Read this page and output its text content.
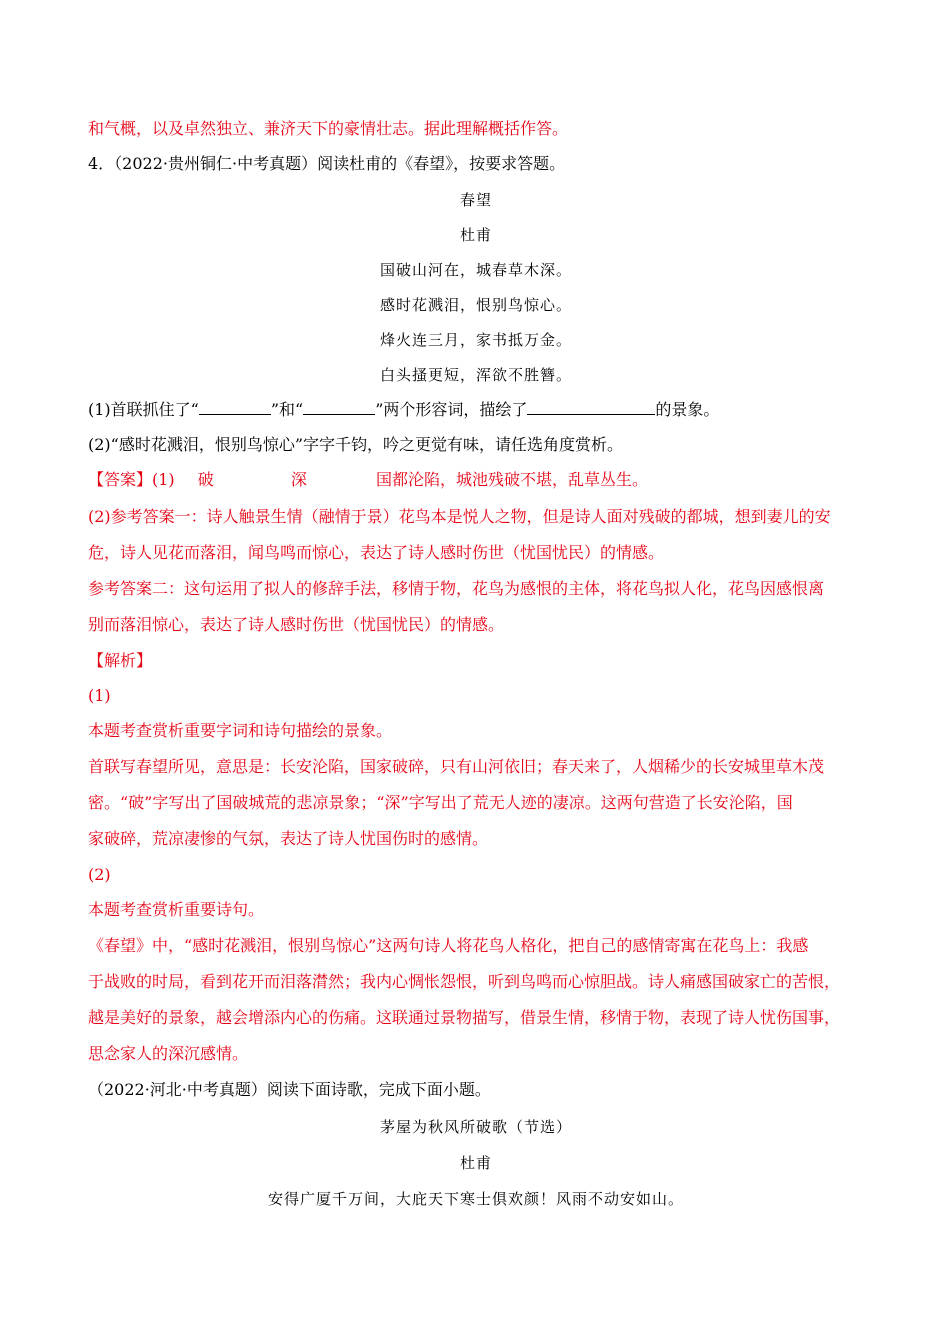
和气概，以及卓然独立、兼济天下的豪情壮志。据此理解概括作答。
4．（2022·贵州铜仁·中考真题）阅读杜甫的《春望》，按要求答题。
春望
杜甫
国破山河在，城春草木深。
感时花溅泪，恨别鸟惊心。
烽火连三月，家书抵万金。
白头搔更短，浑欲不胜簪。
(1)首联抓住了“	”和“	”两个形容词，描绘了	的景象。
(2)“感时花溅泪，恨别鸟惊心”字字千钧，吟之更觉有味，请任选角度赏析。
【答案】(1) 破	深	国都沦陷，城池残破不堪，乱草丛生。
(2)参考答案一：诗人触景生情（融情于景）花鸟本是悦人之物，但是诗人面对残破的都城，想到妻儿的安
危，诗人见花而落泪，闻鸟鸣而惊心，表达了诗人感时伤世（忧国忧民）的情感。
参考答案二：这句运用了拟人的修辞手法，移情于物，花鸟为感恨的主体，将花鸟拟人化，花鸟因感恨离
别而落泪惊心，表达了诗人感时伤世（忧国忧民）的情感。
【解析】
(1)
本题考查赏析重要字词和诗句描绘的景象。
首联写春望所见，意思是：长安沦陷，国家破碎，只有山河依旧；春天来了，人烟稀少的长安城里草木茂
密。“破”字写出了国破城荒的悲凉景象；“深”字写出了荒无人迹的凄凉。这两句营造了长安沦陷，国
家破碎，荒凉凄惨的气氛，表达了诗人忧国伤时的感情。
(2)
本题考查赏析重要诗句。
《春望》中，“感时花溅泪，恨别鸟惊心”这两句诗人将花鸟人格化，把自己的感情寄寓在花鸟上：我感
于战败的时局，看到花开而泪落潸然；我内心惆怅怨恨，听到鸟鸣而心惊胆战。诗人痛感国破家亡的苦恨，
越是美好的景象，越会增添内心的伤痛。这联通过景物描写，借景生情，移情于物，表现了诗人忧伤国事，
思念家人的深沉感情。
（2022·河北·中考真题）阅读下面诗歌，完成下面小题。
茅屋为秋风所破歌（节选）
杜甫
安得广厦千万间，大庇天下寒士俱欢颜！风雨不动安如山。
